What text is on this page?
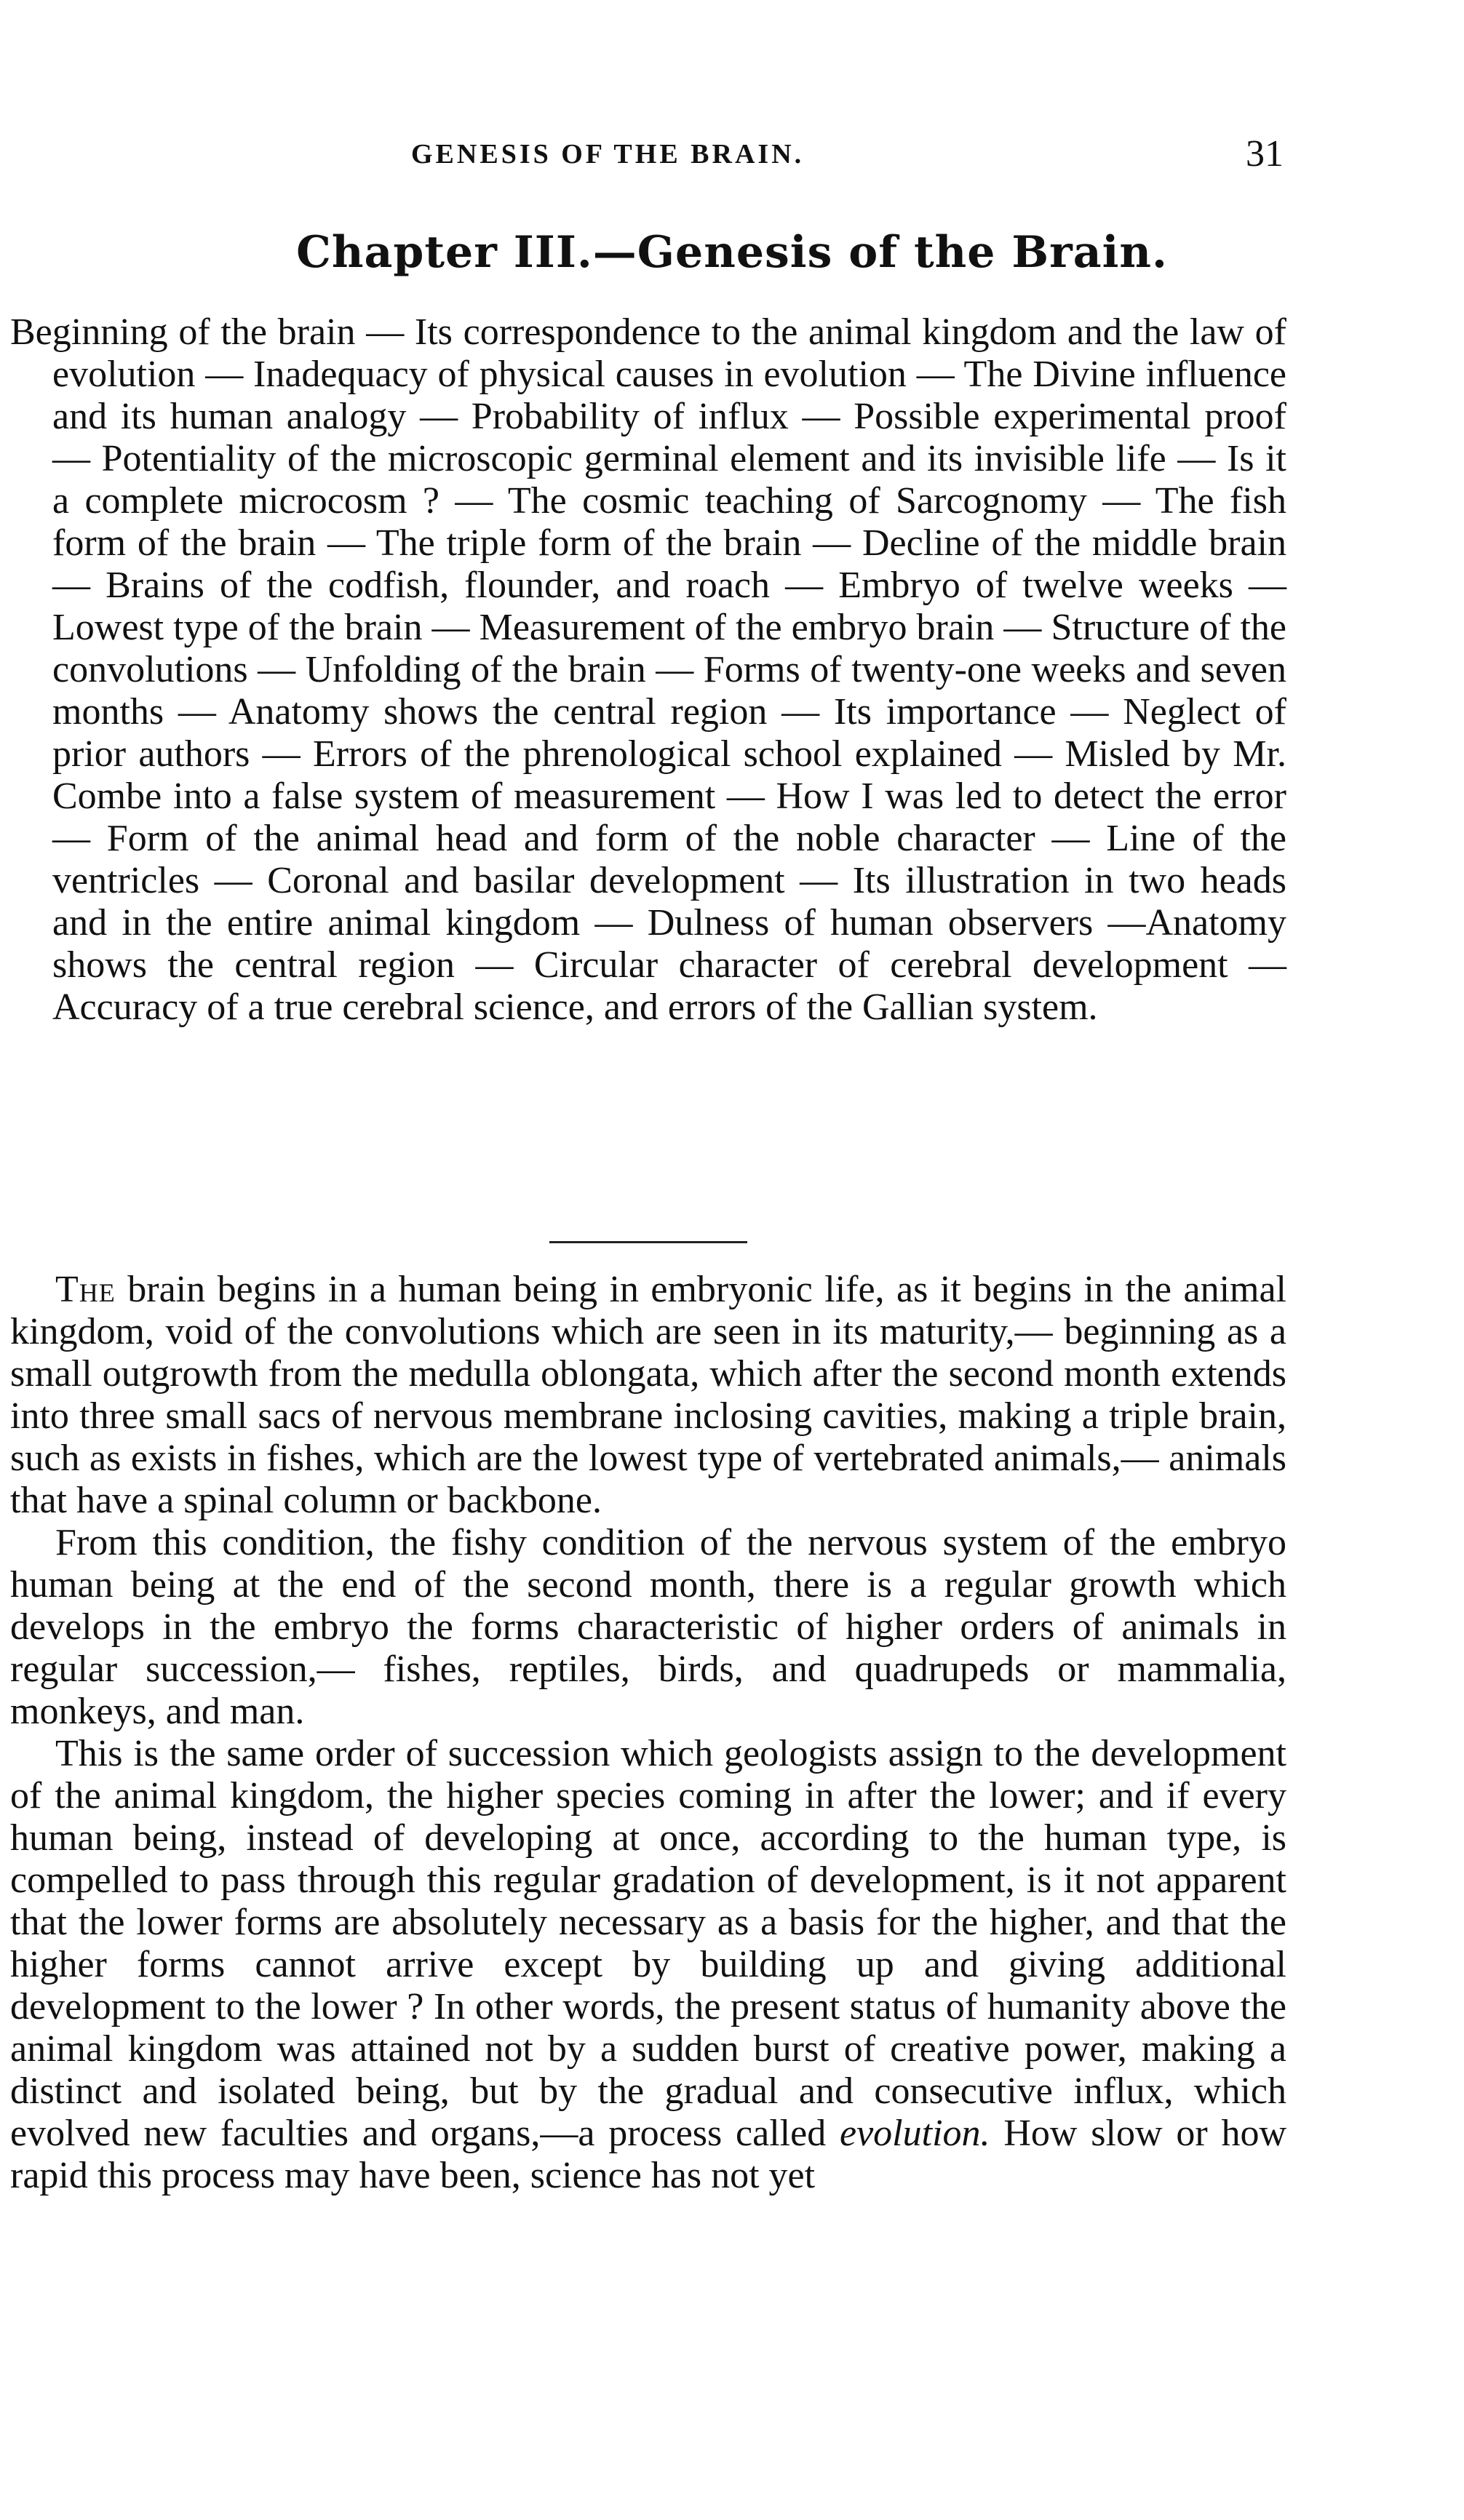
GENESIS OF THE BRAIN.	31
Chapter III.—Genesis of the Brain.
Beginning of the brain — Its correspondence to the animal kingdom and the law of evolution — Inadequacy of physical causes in evolution — The Divine influence and its human analogy — Probability of influx — Possible experimental proof — Potentiality of the microscopic germinal element and its invisible life — Is it a complete microcosm ? — The cosmic teaching of Sarcognomy — The fish form of the brain — The triple form of the brain — Decline of the middle brain — Brains of the codfish, flounder, and roach — Embryo of twelve weeks — Lowest type of the brain — Measurement of the embryo brain — Structure of the convolutions — Unfolding of the brain — Forms of twenty-one weeks and seven months — Anatomy shows the central region — Its importance — Neglect of prior authors — Errors of the phrenological school explained — Misled by Mr. Combe into a false system of measurement — How I was led to detect the error — Form of the animal head and form of the noble character — Line of the ventricles — Coronal and basilar development — Its illustration in two heads and in the entire animal kingdom — Dulness of human observers —Anatomy shows the central region — Circular character of cerebral development — Accuracy of a true cerebral science, and errors of the Gallian system.

The brain begins in a human being in embryonic life, as it begins in the animal kingdom, void of the convolutions which are seen in its maturity,— beginning as a small outgrowth from the medulla oblongata, which after the second month extends into three small sacs of nervous membrane inclosing cavities, making a triple brain, such as exists in fishes, which are the lowest type of vertebrated animals,— animals that have a spinal column or backbone.

From this condition, the fishy condition of the nervous system of the embryo human being at the end of the second month, there is a regular growth which develops in the embryo the forms characteristic of higher orders of animals in regular succession,— fishes, reptiles, birds, and quadrupeds or mammalia, monkeys, and man.

This is the same order of succession which geologists assign to the development of the animal kingdom, the higher species coming in after the lower; and if every human being, instead of developing at once, according to the human type, is compelled to pass through this regular gradation of development, is it not apparent that the lower forms are absolutely necessary as a basis for the higher, and that the higher forms cannot arrive except by building up and giving additional development to the lower ? In other words, the present status of humanity above the animal kingdom was attained not by a sudden burst of creative power, making a distinct and isolated being, but by the gradual and consecutive influx, which evolved new faculties and organs,—a process called evolution. How slow or how rapid this process may have been, science has not yet
